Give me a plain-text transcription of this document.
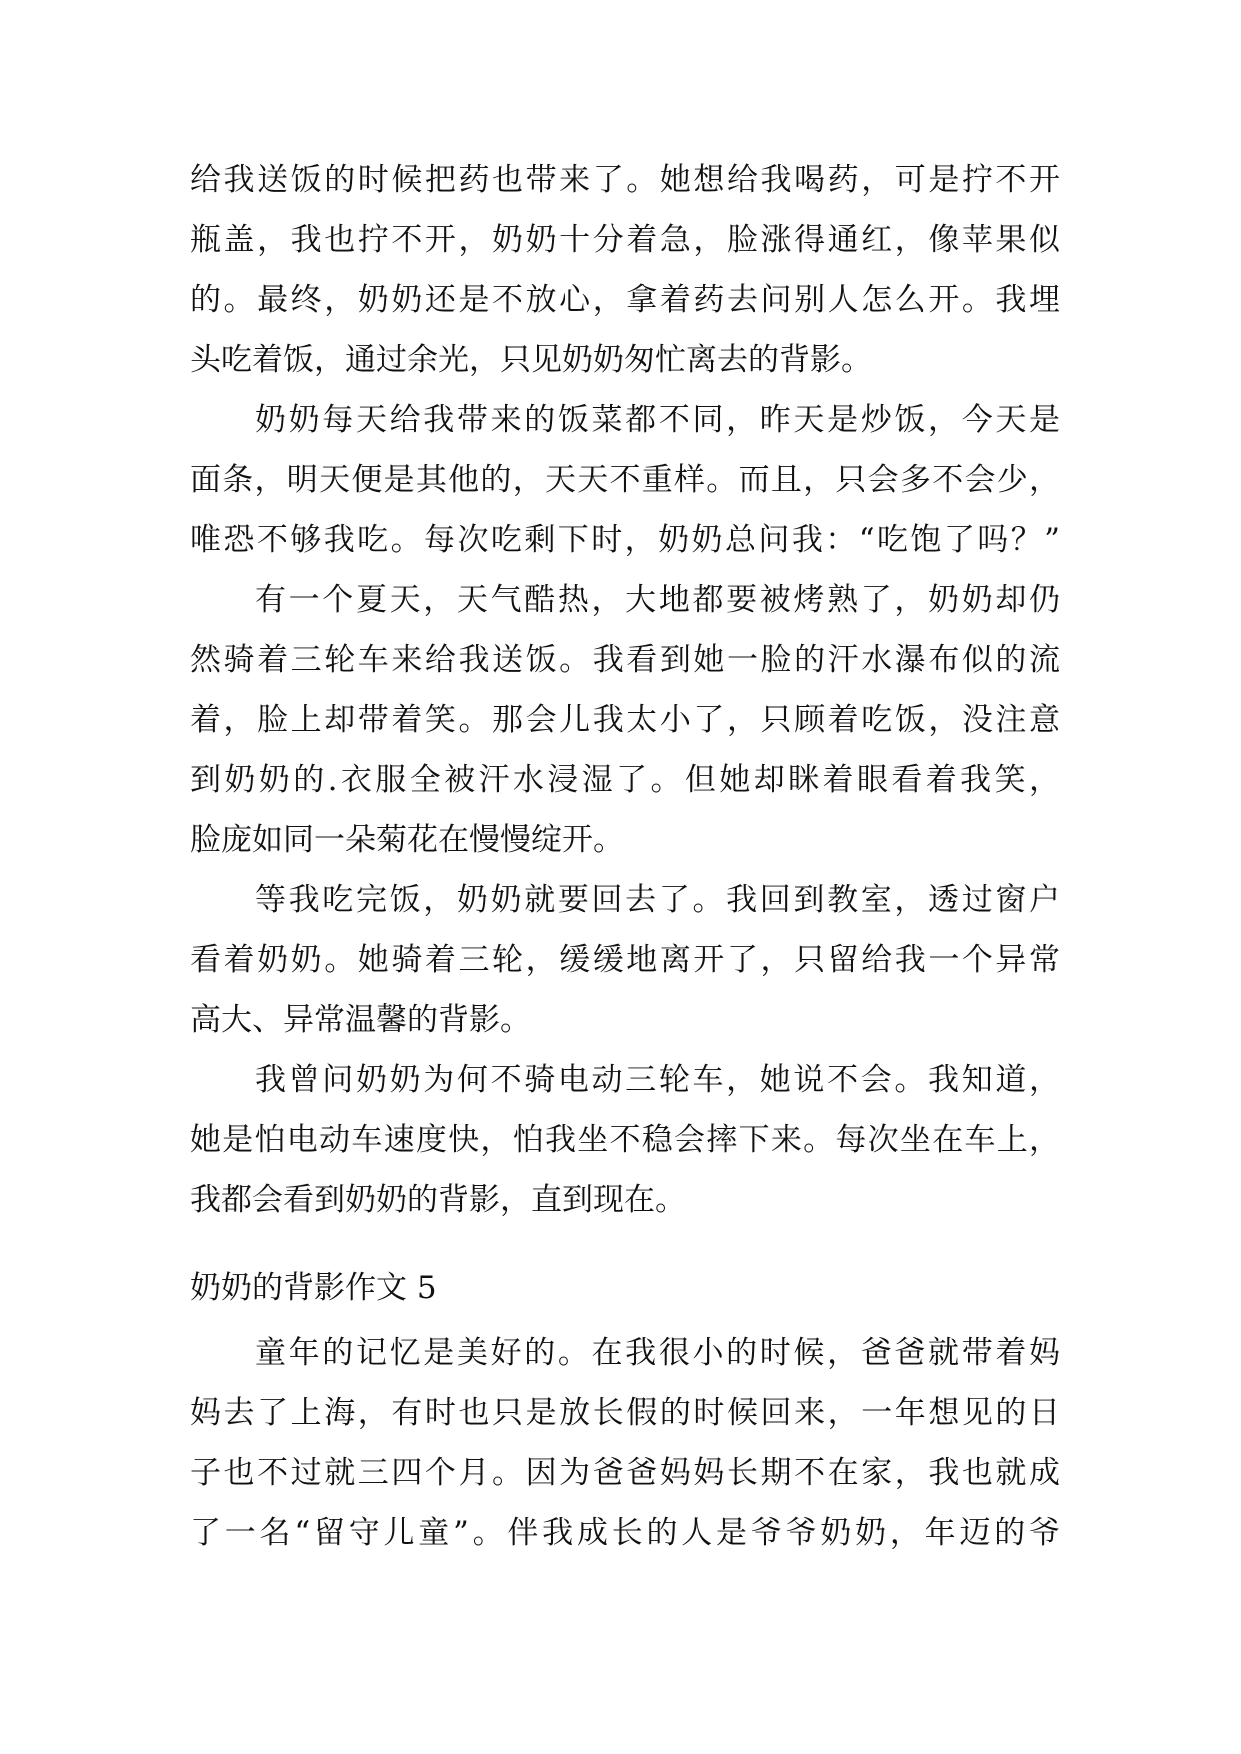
给我送饭的时候把药也带来了。她想给我喝药，可是拧不开
瓶盖，我也拧不开，奶奶十分着急，脸涨得通红，像苹果似
的。最终，奶奶还是不放心，拿着药去问别人怎么开。我埋
头吃着饭，通过余光，只见奶奶匆忙离去的背影。
奶奶每天给我带来的饭菜都不同，昨天是炒饭，今天是
面条，明天便是其他的，天天不重样。而且，只会多不会少，
唯恐不够我吃。每次吃剩下时，奶奶总问我：“吃饱了吗？”
有一个夏天，天气酷热，大地都要被烤熟了，奶奶却仍
然骑着三轮车来给我送饭。我看到她一脸的汗水瀑布似的流
着，脸上却带着笑。那会儿我太小了，只顾着吃饭，没注意
到奶奶的.衣服全被汗水浸湿了。但她却眯着眼看着我笑，
脸庞如同一朵菊花在慢慢绽开。
等我吃完饭，奶奶就要回去了。我回到教室，透过窗户
看着奶奶。她骑着三轮，缓缓地离开了，只留给我一个异常
高大、异常温馨的背影。
我曾问奶奶为何不骑电动三轮车，她说不会。我知道，
她是怕电动车速度快，怕我坐不稳会摔下来。每次坐在车上，
我都会看到奶奶的背影，直到现在。
奶奶的背影作文 5
童年的记忆是美好的。在我很小的时候，爸爸就带着妈
妈去了上海，有时也只是放长假的时候回来，一年想见的日
子也不过就三四个月。因为爸爸妈妈长期不在家，我也就成
了一名“留守儿童”。伴我成长的人是爷爷奶奶，年迈的爷
